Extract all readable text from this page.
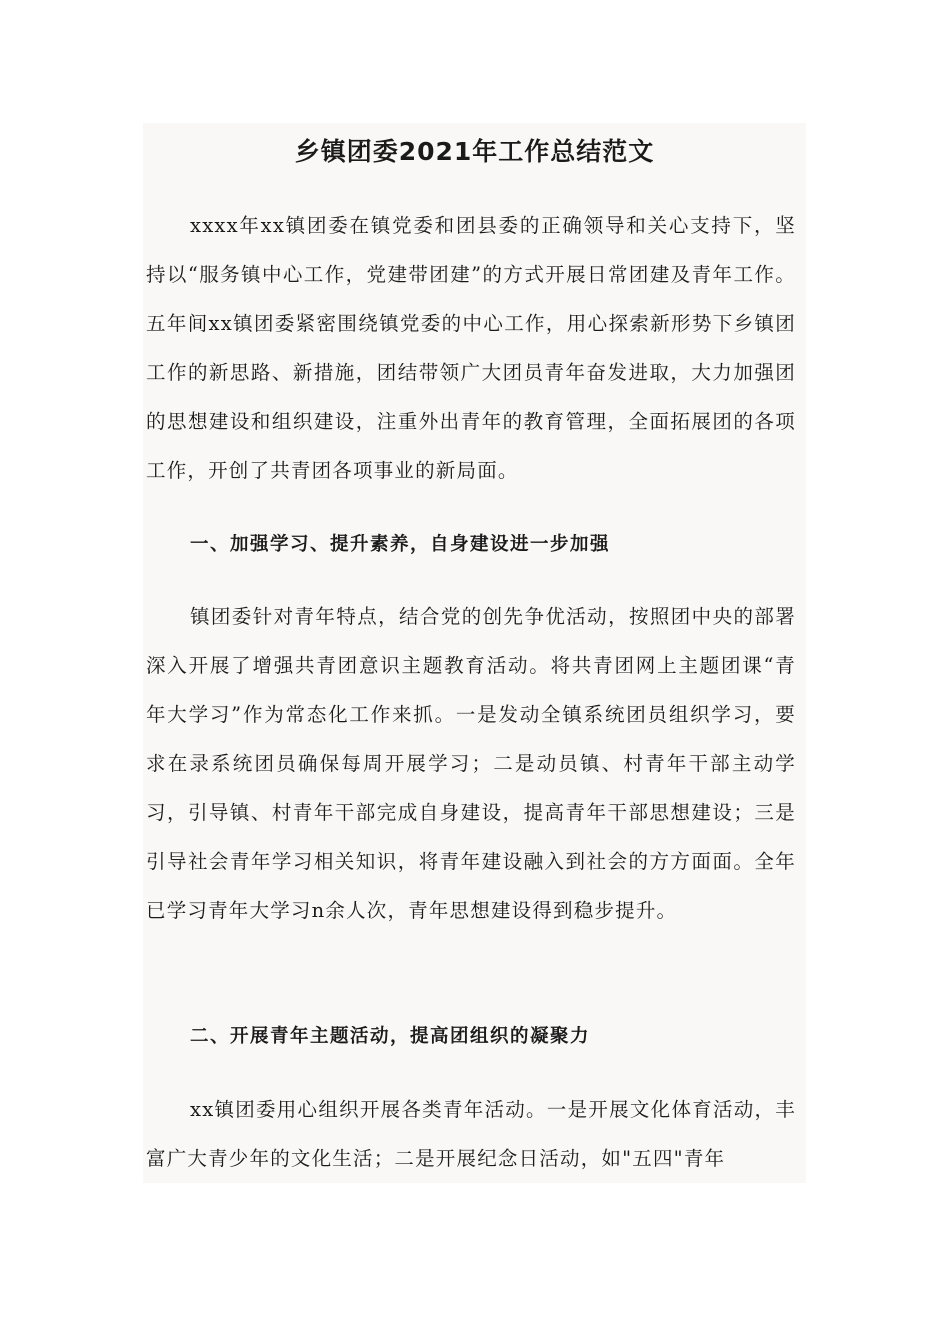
乡镇团委2021年工作总结范文

xxxx年xx镇团委在镇党委和团县委的正确领导和关心支持下，坚持以“服务镇中心工作，党建带团建”的方式开展日常团建及青年工作。五年间xx镇团委紧密围绕镇党委的中心工作，用心探索新形势下乡镇团工作的新思路、新措施，团结带领广大团员青年奋发进取，大力加强团的思想建设和组织建设，注重外出青年的教育管理，全面拓展团的各项工作，开创了共青团各项事业的新局面。

一、加强学习、提升素养，自身建设进一步加强

镇团委针对青年特点，结合党的创先争优活动，按照团中央的部署深入开展了增强共青团意识主题教育活动。将共青团网上主题团课“青年大学习”作为常态化工作来抓。一是发动全镇系统团员组织学习，要求在录系统团员确保每周开展学习；二是动员镇、村青年干部主动学习，引导镇、村青年干部完成自身建设，提高青年干部思想建设；三是引导社会青年学习相关知识，将青年建设融入到社会的方方面面。全年已学习青年大学习n余人次，青年思想建设得到稳步提升。

二、开展青年主题活动，提高团组织的凝聚力

xx镇团委用心组织开展各类青年活动。一是开展文化体育活动，丰富广大青少年的文化生活；二是开展纪念日活动，如"五四"青年
